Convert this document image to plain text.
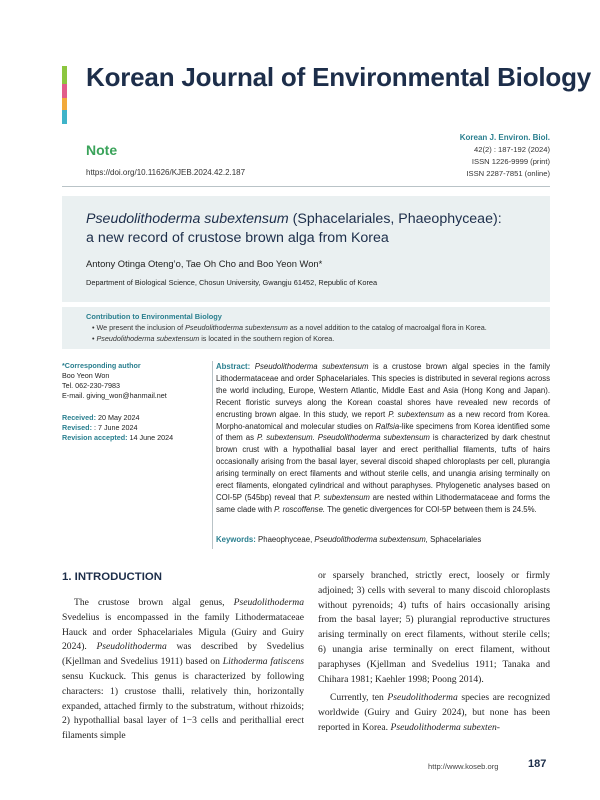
Korean Journal of Environmental Biology
Note
https://doi.org/10.11626/KJEB.2024.42.2.187
Korean J. Environ. Biol.
42(2) : 187-192 (2024)
ISSN 1226-9999 (print)
ISSN 2287-7851 (online)
Pseudolithoderma subextensum (Sphacelariales, Phaeophyceae):
a new record of crustose brown alga from Korea
Antony Otinga Oteng’o, Tae Oh Cho and Boo Yeon Won*
Department of Biological Science, Chosun University, Gwangju 61452, Republic of Korea
Contribution to Environmental Biology
• We present the inclusion of Pseudolithoderma subextensum as a novel addition to the catalog of macroalgal flora in Korea.
• Pseudolithoderma subextensum is located in the southern region of Korea.
*Corresponding author
Boo Yeon Won
Tel. 062-230-7983
E-mail. giving_won@hanmail.net
Received: 20 May 2024
Revised: : 7 June 2024
Revision accepted: 14 June 2024
Abstract: Pseudolithoderma subextensum is a crustose brown algal species in the family Lithodermataceae and order Sphacelariales. This species is distributed in several regions across the world including, Europe, Western Atlantic, Middle East and Asia (Hong Kong and Japan). Recent floristic surveys along the Korean coastal shores have revealed new records of encrusting brown algae. In this study, we report P. subextensum as a new record from Korea. Morpho-anatomical and molecular studies on Ralfsia-like specimens from Korea identified some of them as P. subextensum. Pseudolithoderma subextensum is characterized by dark chestnut brown crust with a hypothallial basal layer and erect perithallial filaments, tufts of hairs occasionally arising from the basal layer, several discoid shaped chloroplasts per cell, plurangia arising terminally on erect filaments and without sterile cells, and unangia arising terminally on erect filaments, elongated cylindrical and without paraphyses. Phylogenetic analyses based on COI-5P (545bp) reveal that P. subextensum are nested within Lithodermataceae and forms the same clade with P. roscoffense. The genetic divergences for COI-5P between them is 24.5%.
Keywords: Phaeophyceae, Pseudolithoderma subextensum, Sphacelariales
1. INTRODUCTION

The crustose brown algal genus, Pseudolithoderma Svedelius is encompassed in the family Lithodermataceae Hauck and order Sphacelariales Migula (Guiry and Guiry 2024). Pseudolithoderma was described by Svedelius (Kjellman and Svedelius 1911) based on Lithoderma fatiscens sensu Kuckuck. This genus is characterized by following characters: 1) crustose thalli, relatively thin, horizontally expanded, attached firmly to the substratum, without rhizoids; 2) hypothallial basal layer of 1−3 cells and perithallial erect filaments simple

or sparsely branched, strictly erect, loosely or firmly adjoined; 3) cells with several to many discoid chloroplasts without pyrenoids; 4) tufts of hairs occasionally arising from the basal layer; 5) plurangial reproductive structures arising terminally on erect filaments, without sterile cells; 6) unangia arise terminally on erect filament, without paraphyses (Kjellman and Svedelius 1911; Tanaka and Chihara 1981; Kaehler 1998; Poong 2014).

Currently, ten Pseudolithoderma species are recognized worldwide (Guiry and Guiry 2024), but none has been reported in Korea. Pseudolithoderma subexten-

http://www.koseb.org	187
